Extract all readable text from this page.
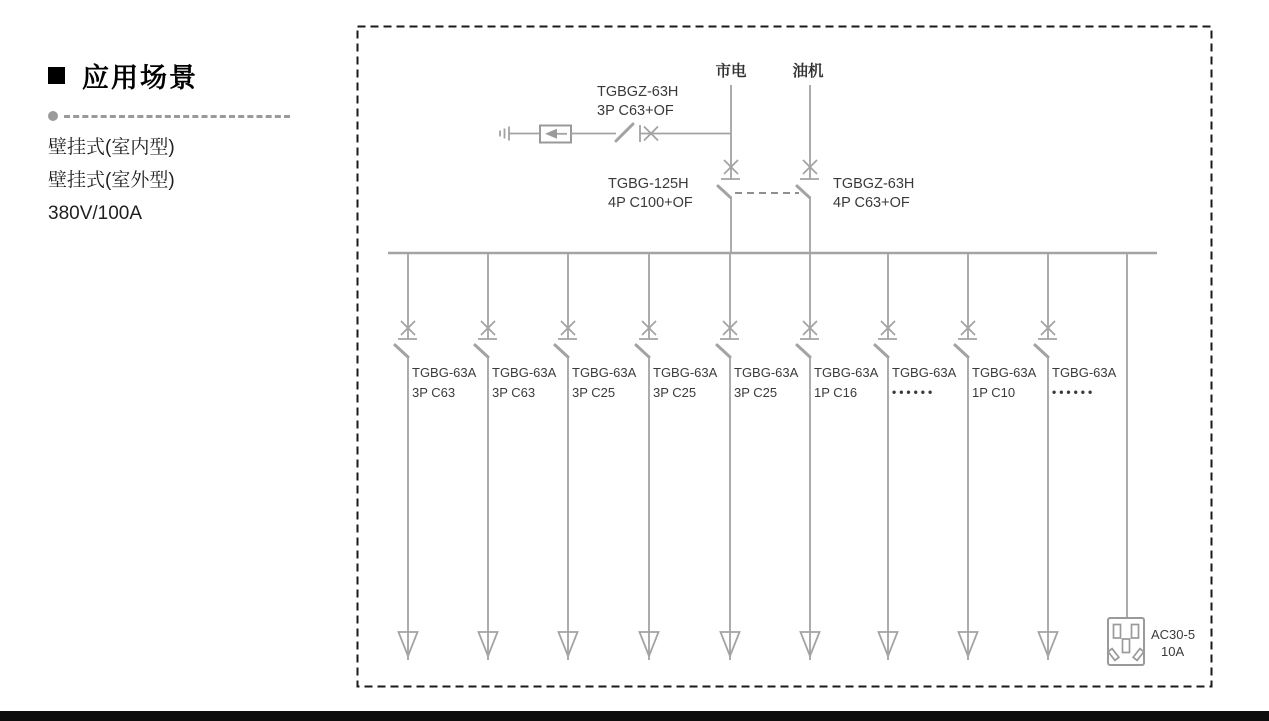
应用场景
壁挂式(室内型)
壁挂式(室外型)
380V/100A
市电	油机
TGBGZ-63H
3P C63+OF
TGBG-125H
4P C100+OF
TGBGZ-63H
4P C63+OF
TGBG-63A
3P C63
TGBG-63A
3P C63
TGBG-63A
3P C25
TGBG-63A
3P C25
TGBG-63A
3P C25
TGBG-63A
1P C16
TGBG-63A
••••••
TGBG-63A
1P C10
TGBG-63A
••••••
AC30-5
10A
